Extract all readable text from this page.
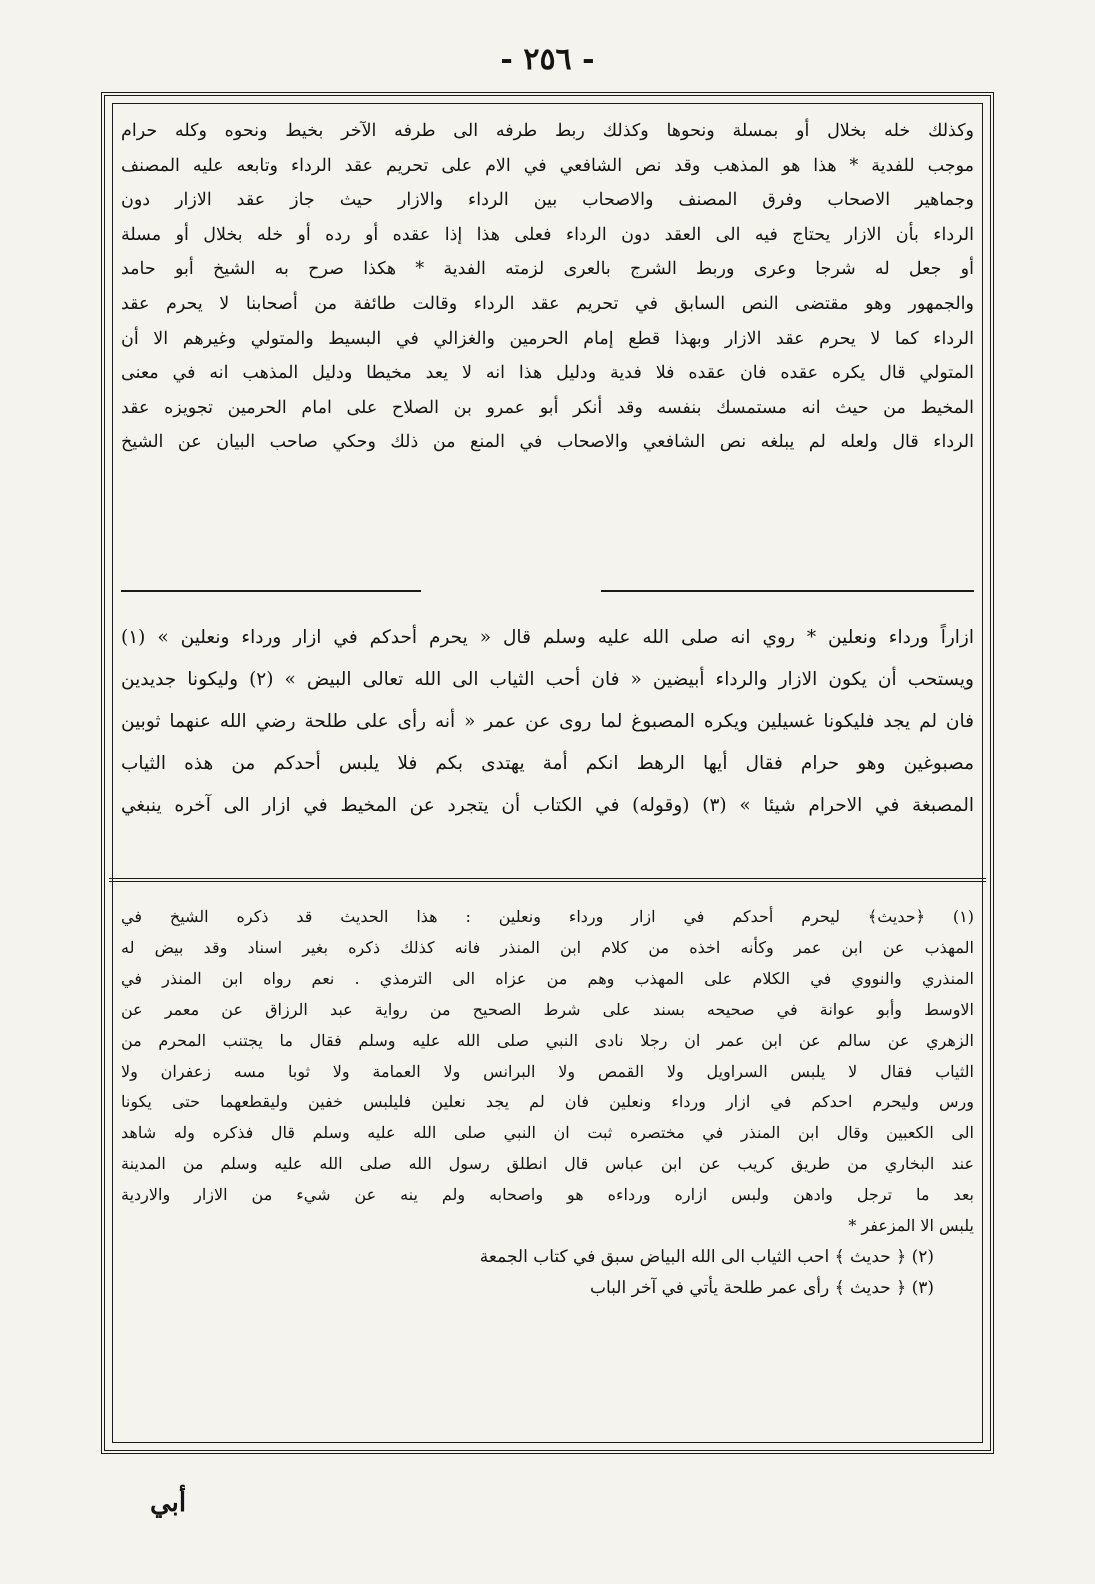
- ٢٥٦ -
وكذلك خله بخلال أو بمسلة ونحوها وكذلك ربط طرفه الى طرفه الآخر بخيط ونحوه وكله حرام
موجب للفدية * هذا هو المذهب وقد نص الشافعي في الام على تحريم عقد الرداء وتابعه عليه المصنف
وجماهير الاصحاب وفرق المصنف والاصحاب بين الرداء والازار حيث جاز عقد الازار دون
الرداء بأن الازار يحتاج فيه الى العقد دون الرداء فعلى هذا إذا عقده أو رده أو خله بخلال أو مسلة
أو جعل له شرجا وعرى وربط الشرج بالعرى لزمته الفدية * هكذا صرح به الشيخ أبو حامد
والجمهور وهو مقتضى النص السابق في تحريم عقد الرداء وقالت طائفة من أصحابنا لا يحرم عقد
الرداء كما لا يحرم عقد الازار وبهذا قطع إمام الحرمين والغزالي في البسيط والمتولي وغيرهم الا أن
المتولي قال يكره عقده فان عقده فلا فدية ودليل هذا انه لا يعد مخيطا ودليل المذهب انه في معنى
المخيط من حيث انه مستمسك بنفسه وقد أنكر أبو عمرو بن الصلاح على امام الحرمين تجويزه عقد
الرداء قال ولعله لم يبلغه نص الشافعي والاصحاب في المنع من ذلك وحكي صاحب البيان عن الشيخ
ازاراً ورداء ونعلين * روي انه صلى الله عليه وسلم قال « يحرم أحدكم في ازار ورداء ونعلين » (١)
ويستحب أن يكون الازار والرداء أبيضين « فان أحب الثياب الى الله تعالى البيض » (٢) وليكونا جديدين
فان لم يجد فليكونا غسيلين ويكره المصبوغ لما روى عن عمر « أنه رأى على طلحة رضي الله عنهما ثوبين
مصبوغين وهو حرام فقال أيها الرهط انكم أمة يهتدى بكم فلا يلبس أحدكم من هذه الثياب
المصبغة في الاحرام شيئا » (٣) (وقوله) في الكتاب أن يتجرد عن المخيط في ازار الى آخره ينبغي
(١) ﴿حديث﴾ ليحرم أحدكم في ازار ورداء ونعلين : هذا الحديث قد ذكره الشيخ في
المهذب عن ابن عمر وكأنه اخذه من كلام ابن المنذر فانه كذلك ذكره بغير اسناد وقد بيض له
المنذري والنووي في الكلام على المهذب وهم من عزاه الى الترمذي . نعم رواه ابن المنذر في
الاوسط وأبو عوانة في صحيحه بسند على شرط الصحيح من رواية عبد الرزاق عن معمر عن
الزهري عن سالم عن ابن عمر ان رجلا نادى النبي صلى الله عليه وسلم فقال ما يجتنب المحرم من
الثياب فقال لا يلبس السراويل ولا القمص ولا البرانس ولا العمامة ولا ثوبا مسه زعفران ولا
ورس وليحرم احدكم في ازار ورداء ونعلين فان لم يجد نعلين فليلبس خفين وليقطعهما حتى يكونا
الى الكعبين وقال ابن المنذر في مختصره ثبت ان النبي صلى الله عليه وسلم قال فذكره وله شاهد
عند البخاري من طريق كريب عن ابن عباس قال انطلق رسول الله صلى الله عليه وسلم من المدينة
بعد ما ترجل وادهن ولبس ازاره ورداءه هو واصحابه ولم ينه عن شيء من الازار والاردية
يلبس الا المزعفر *
(٢) ﴿ حديث ﴾ احب الثياب الى الله البياض سبق في كتاب الجمعة
(٣) ﴿ حديث ﴾ رأى عمر طلحة يأتي في آخر الباب
أبي
